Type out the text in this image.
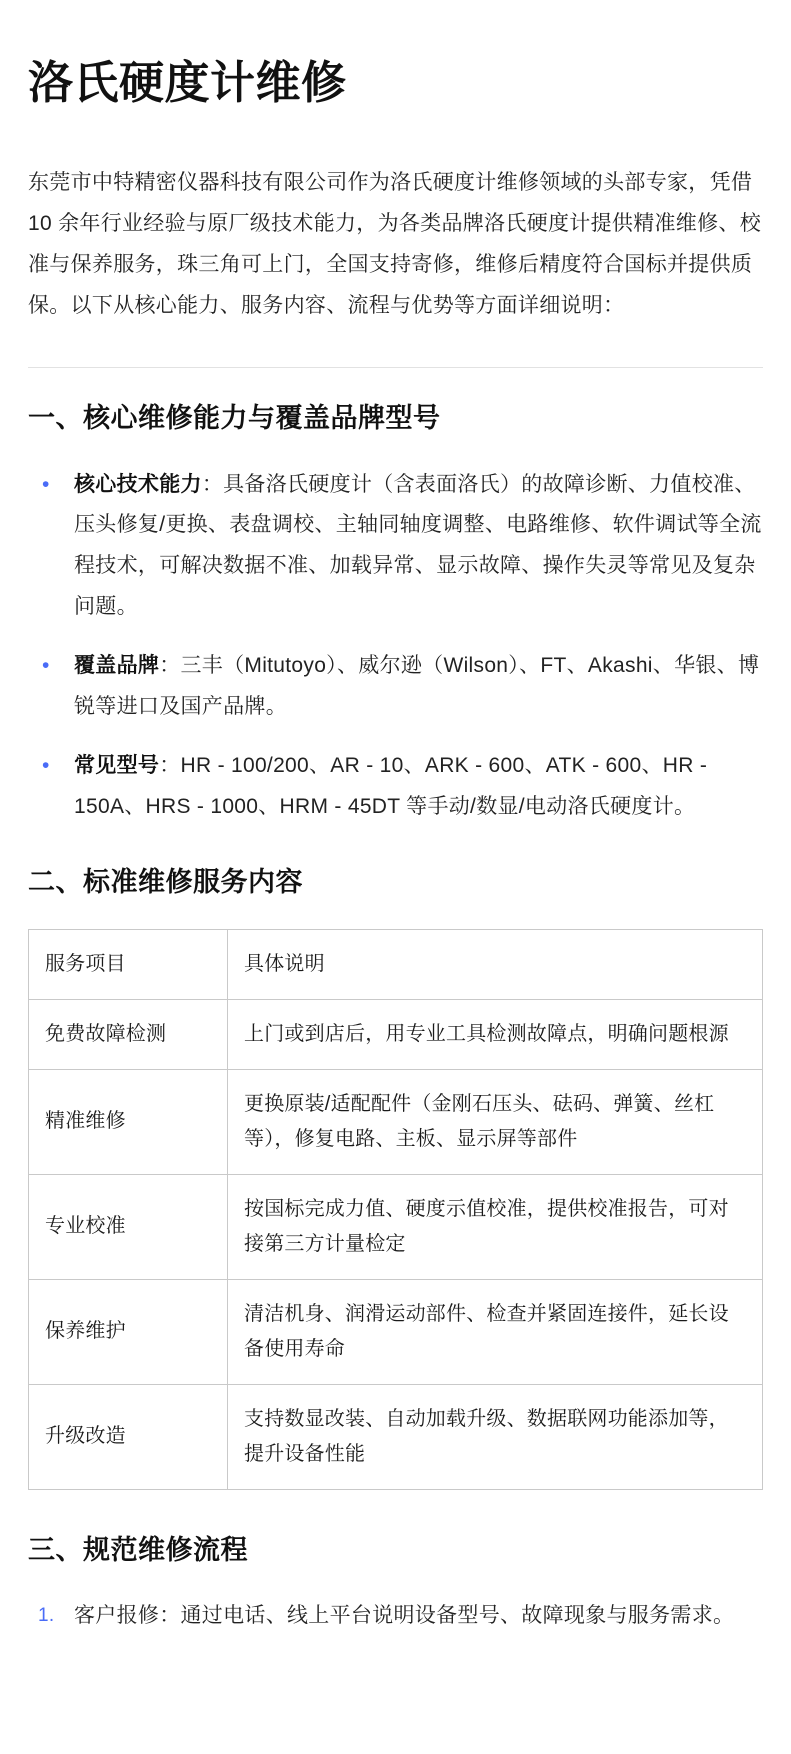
洛氏硬度计维修

东莞市中特精密仪器科技有限公司作为洛氏硬度计维修领域的头部专家，凭借 10 余年行业经验与原厂级技术能力，为各类品牌洛氏硬度计提供精准维修、校准与保养服务，珠三角可上门，全国支持寄修，维修后精度符合国标并提供质保。以下从核心能力、服务内容、流程与优势等方面详细说明：

一、核心维修能力与覆盖品牌型号
• 核心技术能力：具备洛氏硬度计（含表面洛氏）的故障诊断、力值校准、压头修复/更换、表盘调校、主轴同轴度调整、电路维修、软件调试等全流程技术，可解决数据不准、加载异常、显示故障、操作失灵等常见及复杂问题。
• 覆盖品牌：三丰（Mitutoyo）、威尔逊（Wilson）、FT、Akashi、华银、博锐等进口及国产品牌。
• 常见型号：HR - 100/200、AR - 10、ARK - 600、ATK - 600、HR - 150A、HRS - 1000、HRM - 45DT 等手动/数显/电动洛氏硬度计。
二、标准维修服务内容
服务项目	具体说明
免费故障检测	上门或到店后，用专业工具检测故障点，明确问题根源
精准维修	更换原装/适配配件（金刚石压头、砝码、弹簧、丝杠等），修复电路、主板、显示屏等部件
专业校准	按国标完成力值、硬度示值校准，提供校准报告，可对接第三方计量检定
保养维护	清洁机身、润滑运动部件、检查并紧固连接件，延长设备使用寿命
升级改造	支持数显改装、自动加载升级、数据联网功能添加等，提升设备性能
三、规范维修流程
客户报修：通过电话、线上平台说明设备型号、故障现象与服务需求。
